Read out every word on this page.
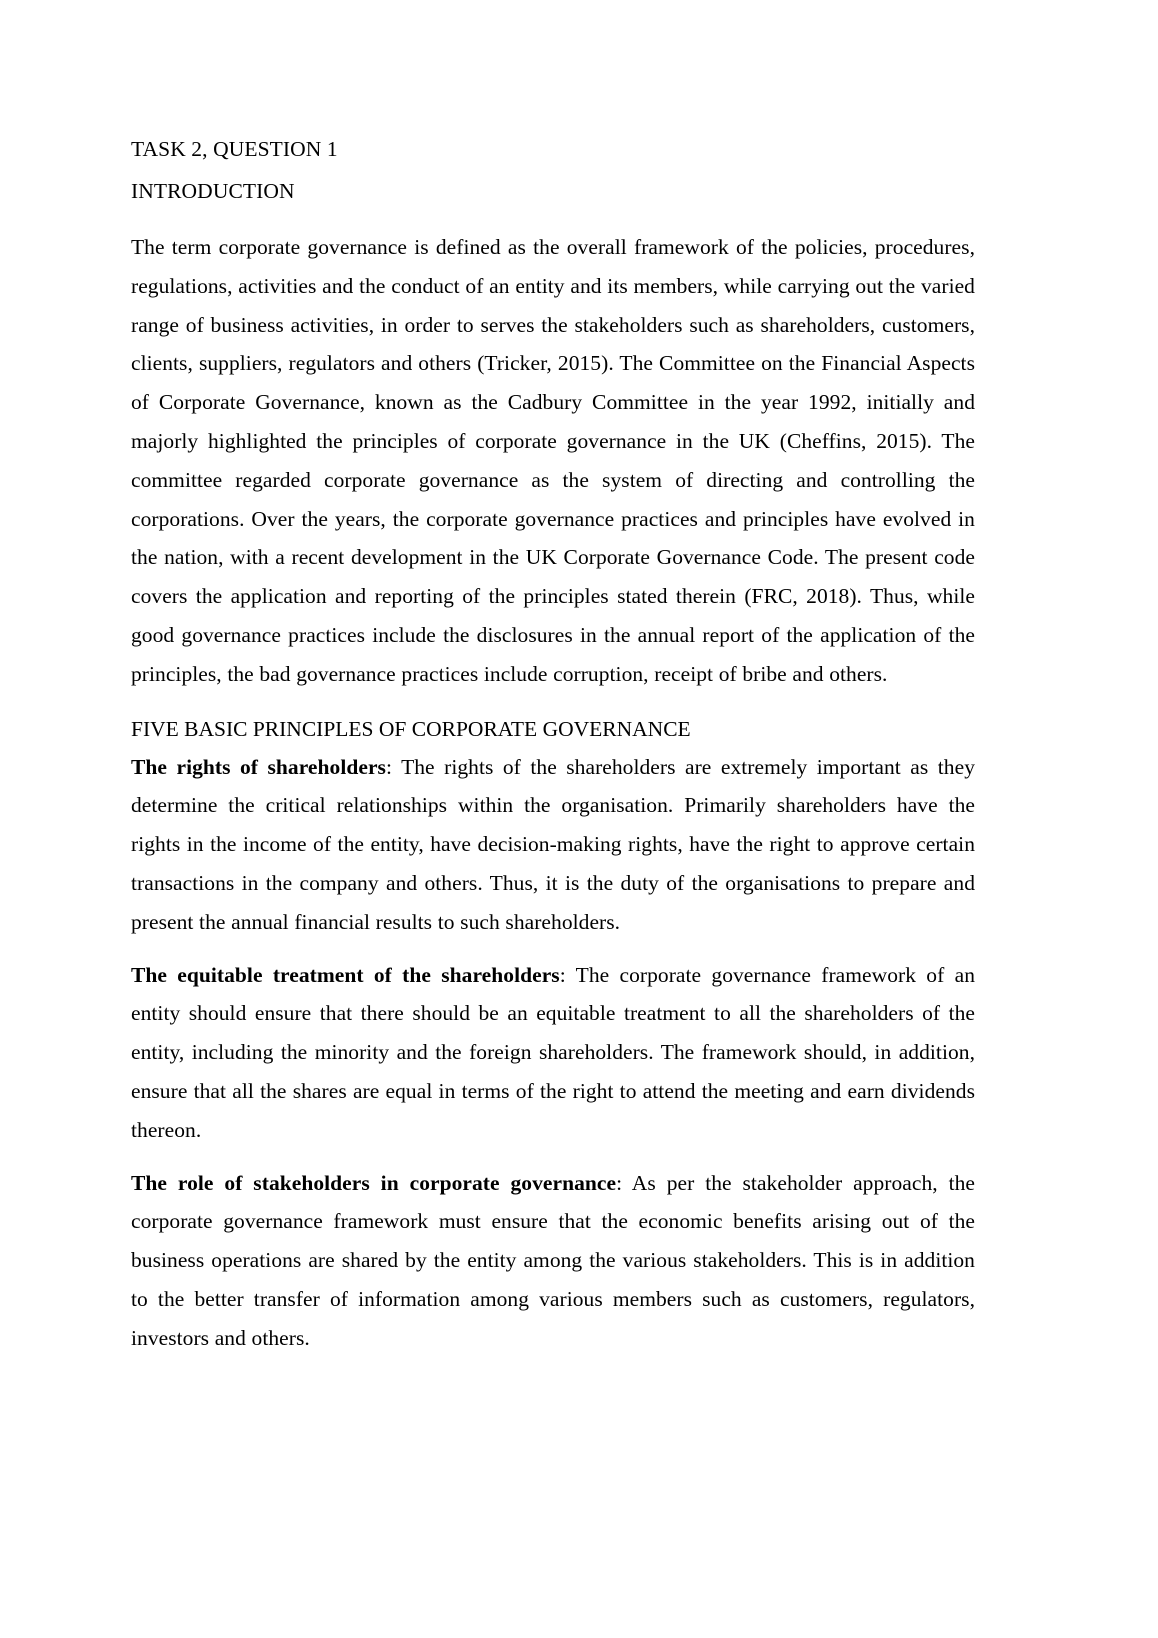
TASK 2, QUESTION 1
INTRODUCTION

The term corporate governance is defined as the overall framework of the policies, procedures, regulations, activities and the conduct of an entity and its members, while carrying out the varied range of business activities, in order to serves the stakeholders such as shareholders, customers, clients, suppliers, regulators and others (Tricker, 2015). The Committee on the Financial Aspects of Corporate Governance, known as the Cadbury Committee in the year 1992, initially and majorly highlighted the principles of corporate governance in the UK (Cheffins, 2015). The committee regarded corporate governance as the system of directing and controlling the corporations. Over the years, the corporate governance practices and principles have evolved in the nation, with a recent development in the UK Corporate Governance Code. The present code covers the application and reporting of the principles stated therein (FRC, 2018). Thus, while good governance practices include the disclosures in the annual report of the application of the principles, the bad governance practices include corruption, receipt of bribe and others.

FIVE BASIC PRINCIPLES OF CORPORATE GOVERNANCE

The rights of shareholders: The rights of the shareholders are extremely important as they determine the critical relationships within the organisation. Primarily shareholders have the rights in the income of the entity, have decision-making rights, have the right to approve certain transactions in the company and others. Thus, it is the duty of the organisations to prepare and present the annual financial results to such shareholders.

The equitable treatment of the shareholders: The corporate governance framework of an entity should ensure that there should be an equitable treatment to all the shareholders of the entity, including the minority and the foreign shareholders. The framework should, in addition, ensure that all the shares are equal in terms of the right to attend the meeting and earn dividends thereon.

The role of stakeholders in corporate governance: As per the stakeholder approach, the corporate governance framework must ensure that the economic benefits arising out of the business operations are shared by the entity among the various stakeholders. This is in addition to the better transfer of information among various members such as customers, regulators, investors and others.
